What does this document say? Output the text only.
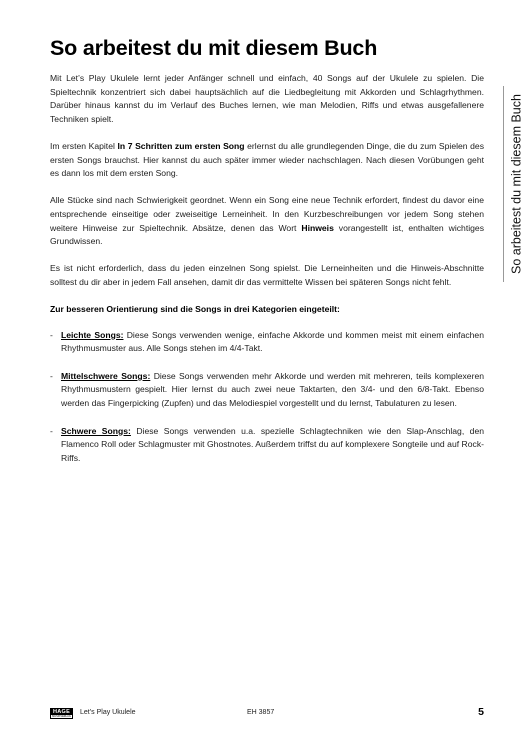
So arbeitest du mit diesem Buch

Mit Let’s Play Ukulele lernt jeder Anfänger schnell und einfach, 40 Songs auf der Ukulele zu spielen. Die Spieltechnik konzentriert sich dabei hauptsächlich auf die Liedbegleitung mit Akkorden und Schlagrhythmen. Darüber hinaus kannst du im Verlauf des Buches lernen, wie man Melodien, Riffs und etwas ausgefallenere Techniken spielt.

Im ersten Kapitel In 7 Schritten zum ersten Song erlernst du alle grundlegenden Dinge, die du zum Spielen des ersten Songs brauchst. Hier kannst du auch später immer wieder nachschlagen. Nach diesen Vorübungen geht es dann los mit dem ersten Song.

Alle Stücke sind nach Schwierigkeit geordnet. Wenn ein Song eine neue Technik erfordert, findest du davor eine entsprechende einseitige oder zweiseitige Lerneinheit. In den Kurzbeschreibungen vor jedem Song stehen weitere Hinweise zur Spieltechnik. Absätze, denen das Wort Hinweis vorangestellt ist, enthalten wichtiges Grundwissen.

Es ist nicht erforderlich, dass du jeden einzelnen Song spielst. Die Lerneinheiten und die Hinweis-Abschnitte solltest du dir aber in jedem Fall ansehen, damit dir das vermittelte Wissen bei späteren Songs nicht fehlt.

Zur besseren Orientierung sind die Songs in drei Kategorien eingeteilt:
- Leichte Songs: Diese Songs verwenden wenige, einfache Akkorde und kommen meist mit einem einfachen Rhythmusmuster aus. Alle Songs stehen im 4/4-Takt.
- Mittelschwere Songs: Diese Songs verwenden mehr Akkorde und werden mit mehreren, teils komplexeren Rhythmusmustern gespielt. Hier lernst du auch zwei neue Taktarten, den 3/4- und den 6/8-Takt. Ebenso werden das Fingerpicking (Zupfen) und das Melodiespiel vorgestellt und du lernst, Tabulaturen zu lesen.
- Schwere Songs: Diese Songs verwenden u.a. spezielle Schlagtechniken wie den Slap-Anschlag, den Flamenco Roll oder Schlagmuster mit Ghostnotes. Außerdem triffst du auf komplexere Songteile und auf Rock-Riffs.
So arbeitest du mit diesem Buch
HAGE
MUSIKVERLAG
Let’s Play Ukulele	EH 3857	5
